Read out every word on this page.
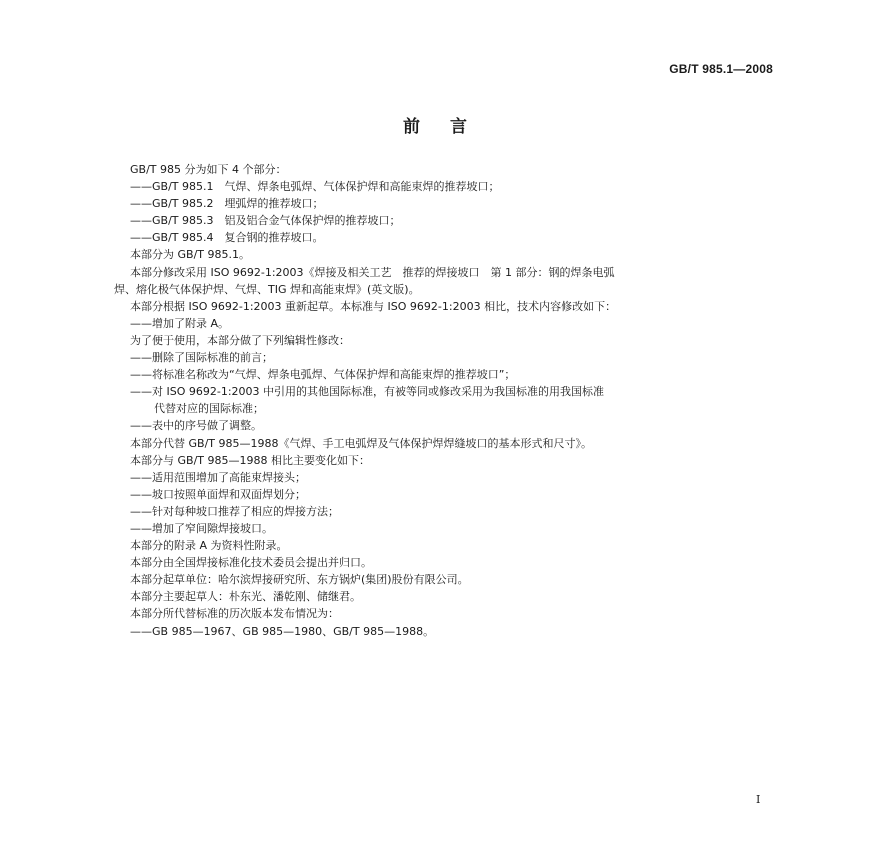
GB/T 985.1—2008
前言
GB/T 985 分为如下 4 个部分：
——GB/T 985.1　气焊、焊条电弧焊、气体保护焊和高能束焊的推荐坡口；
——GB/T 985.2　埋弧焊的推荐坡口；
——GB/T 985.3　铝及铝合金气体保护焊的推荐坡口；
——GB/T 985.4　复合钢的推荐坡口。
本部分为 GB/T 985.1。
本部分修改采用 ISO 9692-1:2003《焊接及相关工艺　推荐的焊接坡口　第 1 部分：钢的焊条电弧
焊、熔化极气体保护焊、气焊、TIG 焊和高能束焊》(英文版)。
本部分根据 ISO 9692-1:2003 重新起草。本标准与 ISO 9692-1:2003 相比，技术内容修改如下：
——增加了附录 A。
为了便于使用，本部分做了下列编辑性修改：
——删除了国际标准的前言；
——将标准名称改为“气焊、焊条电弧焊、气体保护焊和高能束焊的推荐坡口”；
——对 ISO 9692-1:2003 中引用的其他国际标准，有被等同或修改采用为我国标准的用我国标准
代替对应的国际标准；
——表中的序号做了调整。
本部分代替 GB/T 985—1988《气焊、手工电弧焊及气体保护焊焊缝坡口的基本形式和尺寸》。
本部分与 GB/T 985—1988 相比主要变化如下：
——适用范围增加了高能束焊接头；
——坡口按照单面焊和双面焊划分；
——针对每种坡口推荐了相应的焊接方法；
——增加了窄间隙焊接坡口。
本部分的附录 A 为资料性附录。
本部分由全国焊接标准化技术委员会提出并归口。
本部分起草单位：哈尔滨焊接研究所、东方锅炉(集团)股份有限公司。
本部分主要起草人：朴东光、潘乾刚、储继君。
本部分所代替标准的历次版本发布情况为：
——GB 985—1967、GB 985—1980、GB/T 985—1988。
I
